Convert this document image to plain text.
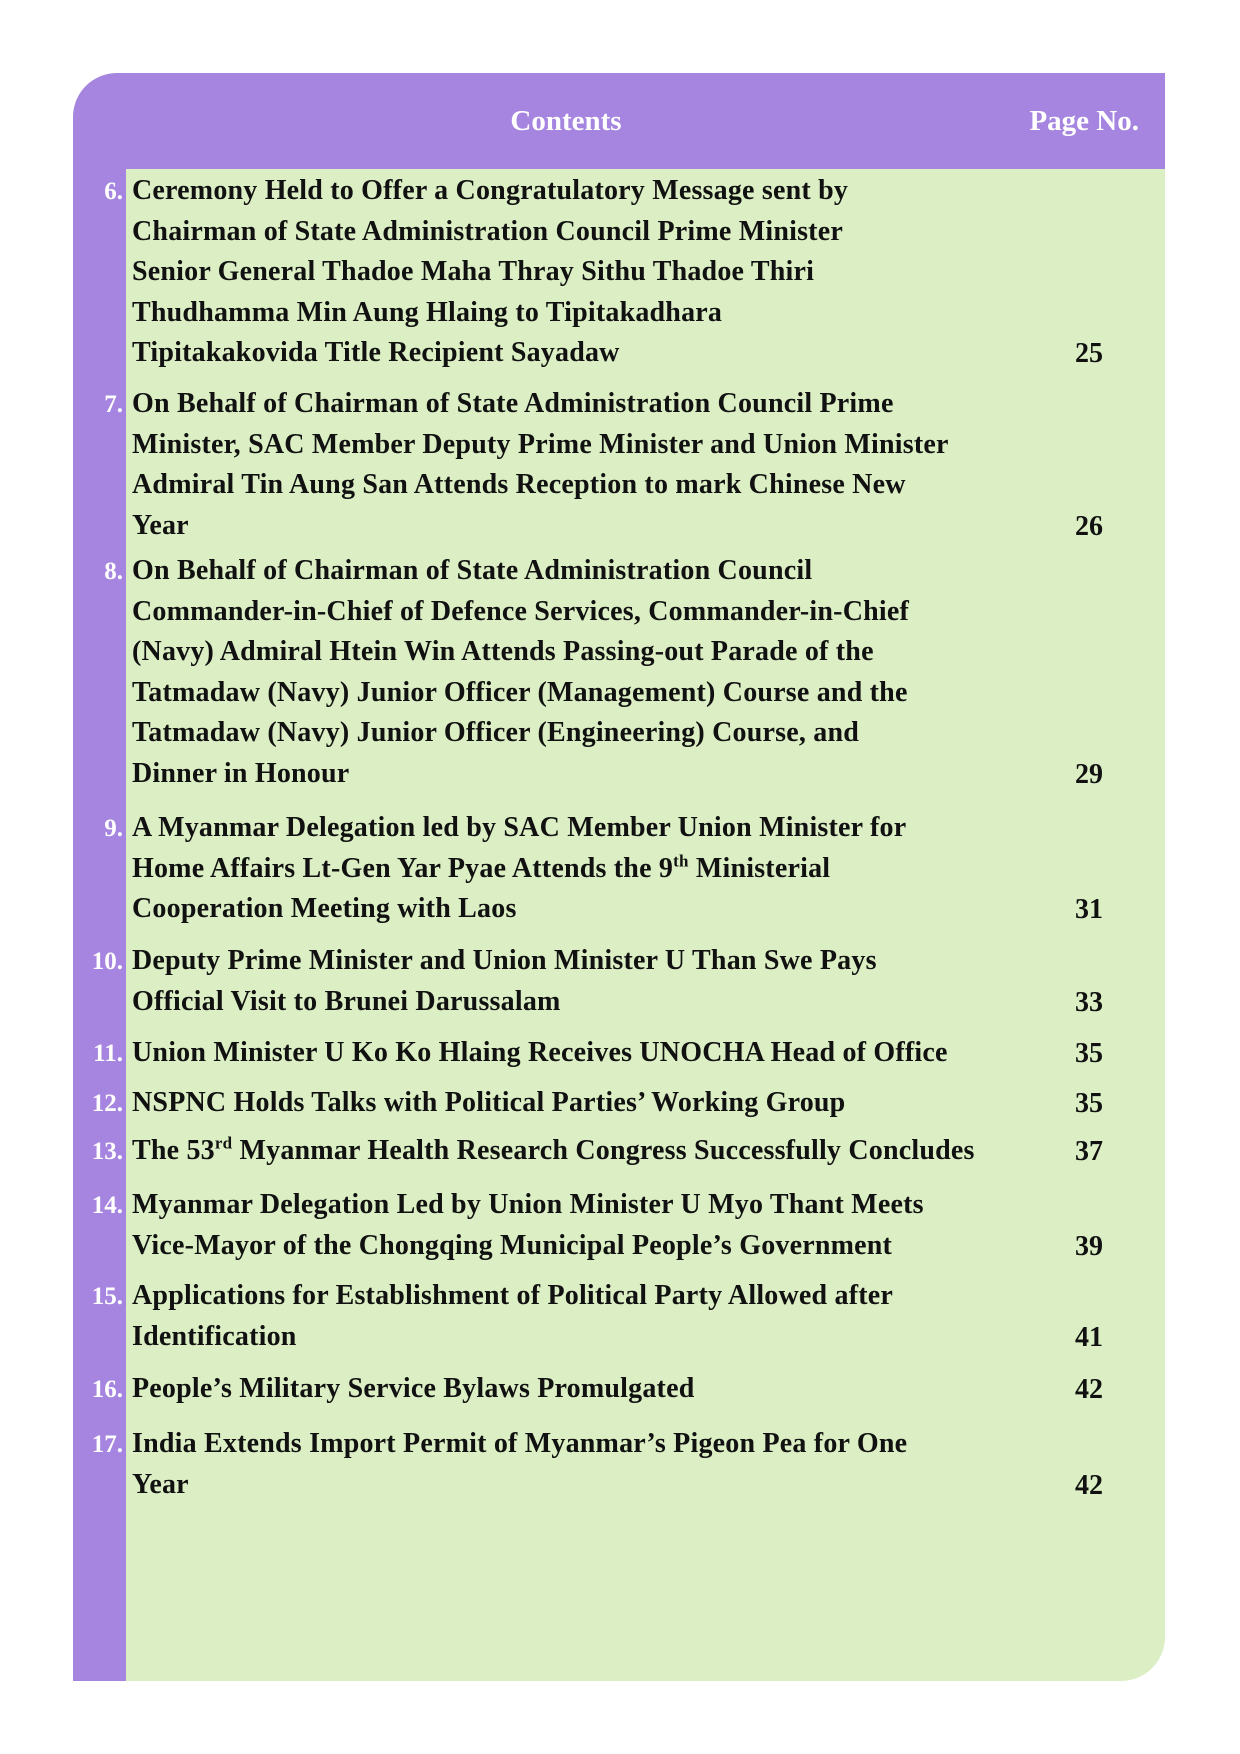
Contents	Page No.
6. Ceremony Held to Offer a Congratulatory Message sent by
Chairman of State Administration Council Prime Minister
Senior General Thadoe Maha Thray Sithu Thadoe Thiri
Thudhamma Min Aung Hlaing to Tipitakadhara
Tipitakakovida Title Recipient Sayadaw	25
7. On Behalf of Chairman of State Administration Council Prime
Minister, SAC Member Deputy Prime Minister and Union Minister
Admiral Tin Aung San Attends Reception to mark Chinese New
Year	26
8. On Behalf of Chairman of State Administration Council
Commander-in-Chief of Defence Services, Commander-in-Chief
(Navy) Admiral Htein Win Attends Passing-out Parade of the
Tatmadaw (Navy) Junior Officer (Management) Course and the
Tatmadaw (Navy) Junior Officer (Engineering) Course, and
Dinner in Honour	29
9. A Myanmar Delegation led by SAC Member Union Minister for
Home Affairs Lt-Gen Yar Pyae Attends the 9th Ministerial
Cooperation Meeting with Laos	31
10. Deputy Prime Minister and Union Minister U Than Swe Pays
Official Visit to Brunei Darussalam	33
11. Union Minister U Ko Ko Hlaing Receives UNOCHA Head of Office	35
12. NSPNC Holds Talks with Political Parties’ Working Group	35
13. The 53rd Myanmar Health Research Congress Successfully Concludes	37
14. Myanmar Delegation Led by Union Minister U Myo Thant Meets
Vice-Mayor of the Chongqing Municipal People’s Government	39
15. Applications for Establishment of Political Party Allowed after
Identification	41
16. People’s Military Service Bylaws Promulgated	42
17. India Extends Import Permit of Myanmar’s Pigeon Pea for One
Year	42
